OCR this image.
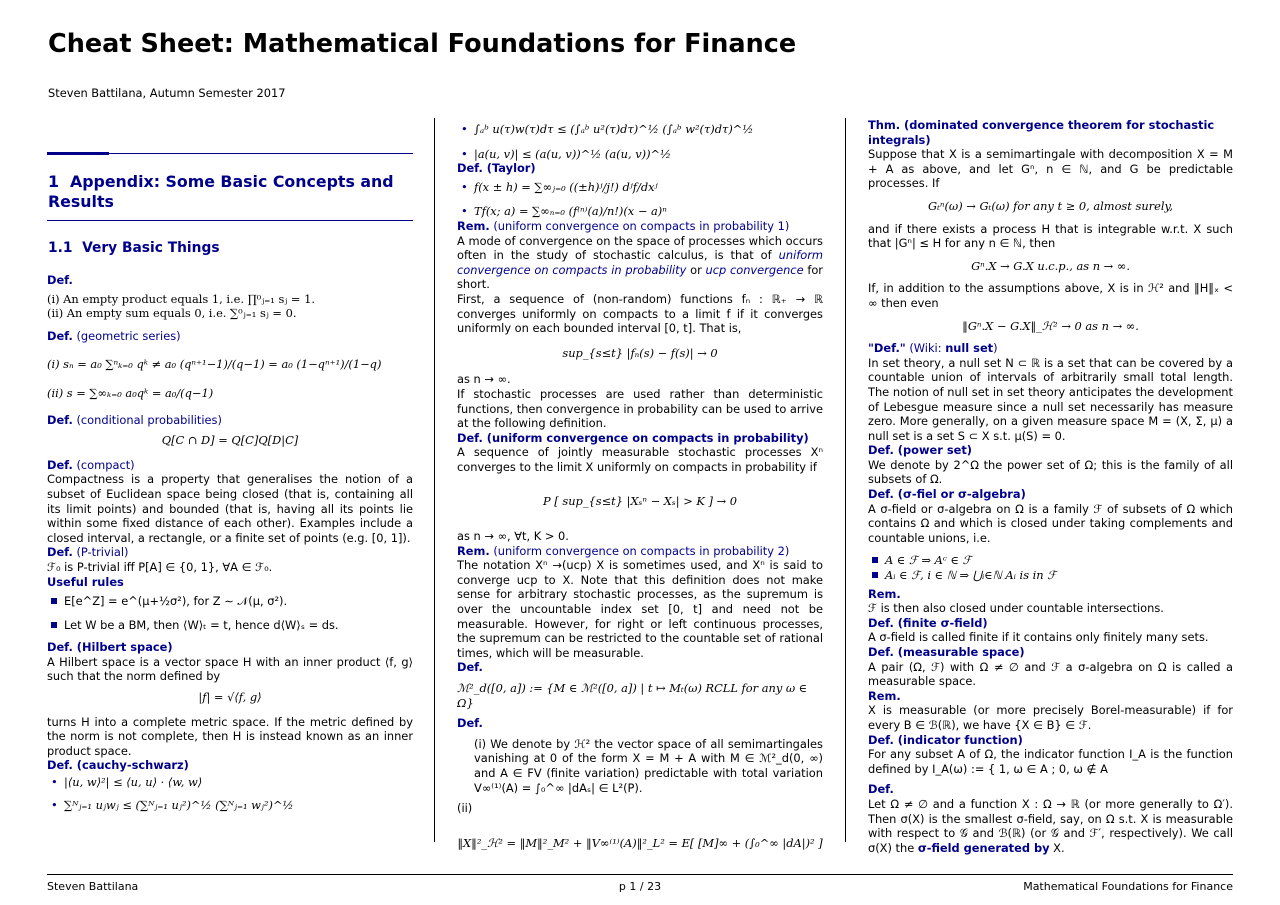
Cheat Sheet: Mathematical Foundations for Finance
Steven Battilana, Autumn Semester 2017
1 Appendix: Some Basic Concepts and Results
1.1 Very Basic Things

Def.

(i) An empty product equals 1, i.e. ∏⁰ⱼ₌₁ sⱼ = 1.

(ii) An empty sum equals 0, i.e. ∑⁰ⱼ₌₁ sⱼ = 0.

Def. (geometric series)

(i) sₙ = a₀ ∑ⁿₖ₌₀ qᵏ ≠ a₀ (qⁿ⁺¹−1)/(q−1) = a₀ (1−qⁿ⁺¹)/(1−q)

(ii) s = ∑∞ₖ₌₀ a₀qᵏ = a₀/(q−1)

Def. (conditional probabilities)

Q[C ∩ D] = Q[C]Q[D|C]

Def. (compact)

Compactness is a property that generalises the notion of a subset of Euclidean space being closed (that is, containing all its limit points) and bounded (that is, having all its points lie within some fixed distance of each other). Examples include a closed interval, a rectangle, or a finite set of points (e.g. [0, 1]).

Def. (P-trivial)

ℱ₀ is P-trivial iff P[A] ∈ {0, 1}, ∀A ∈ ℱ₀.

Useful rules

E[e^Z] = e^(μ+½σ²), for Z ∼ 𝒩(μ, σ²).

Let W be a BM, then ⟨W⟩ₜ = t, hence d⟨W⟩ₛ = ds.

Def. (Hilbert space)

A Hilbert space is a vector space H with an inner product ⟨f, g⟩such that the norm defined by

|f| = √⟨f, g⟩

turns H into a complete metric space. If the metric defined by the norm is not complete, then H is instead known as an inner product space.

Def. (cauchy-schwarz)

• |⟨u, w⟩²| ≤ ⟨u, u⟩ · ⟨w, w⟩

• ∑ᴺⱼ₌₁ uⱼwⱼ ≤ (∑ᴺⱼ₌₁ uⱼ²)^½ (∑ᴺⱼ₌₁ wⱼ²)^½

• ∫ₐᵇ u(τ)w(τ)dτ ≤ (∫ₐᵇ u²(τ)dτ)^½ (∫ₐᵇ w²(τ)dτ)^½

• |a(u, v)| ≤ (a(u, v))^½ (a(u, v))^½

Def. (Taylor)

• f(x ± h) = ∑∞ⱼ₌₀ ((±h)ʲ/j!) dʲf/dxʲ

• Tf(x; a) = ∑∞ₙ₌₀ (f⁽ⁿ⁾(a)/n!)(x − a)ⁿ

Rem. (uniform convergence on compacts in probability 1)

A mode of convergence on the space of processes which occurs often in the study of stochastic calculus, is that of uniform convergence on compacts in probability or ucp convergence for short.

First, a sequence of (non-random) functions fₙ : ℝ₊ → ℝ converges uniformly on compacts to a limit f if it converges uniformly on each bounded interval [0, t]. That is,

sup_{s≤t} |fₙ(s) − f(s)| → 0

as n → ∞.

If stochastic processes are used rather than deterministic functions, then convergence in probability can be used to arrive at the following definition.

Def. (uniform convergence on compacts in probability)

A sequence of jointly measurable stochastic processes Xⁿ converges to the limit X uniformly on compacts in probability if

P [ sup_{s≤t} |Xₛⁿ − Xₛ| > K ] → 0

as n → ∞, ∀t, K > 0.

Rem. (uniform convergence on compacts in probability 2)

The notation Xⁿ →(ucp) X is sometimes used, and Xⁿ is said to converge ucp to X. Note that this definition does not make sense for arbitrary stochastic processes, as the supremum is over the uncountable index set [0, t] and need not be measurable. However, for right or left continuous processes, the supremum can be restricted to the countable set of rational times, which will be measurable.

Def.

ℳ²_d([0, a]) := {M ∈ ℳ²([0, a]) | t ↦ Mₜ(ω) RCLL for any ω ∈ Ω}

Def.

(i) We denote by ℋ² the vector space of all semimartingales vanishing at 0 of the form X = M + A with M ∈ ℳ²_d(0, ∞) and A ∈ FV (finite variation) predictable with total variation V∞⁽¹⁾(A) = ∫₀^∞ |dAₛ| ∈ L²(P).

(ii)

‖X‖²_ℋ² = ‖M‖²_M² + ‖V∞⁽¹⁾(A)‖²_L² = E[ [M]∞ + (∫₀^∞ |dA|)² ]

Thm. (dominated convergence theorem for stochastic integrals)

Suppose that X is a semimartingale with decomposition X = M + A as above, and let Gⁿ, n ∈ ℕ, and G be predictable processes. If

Gₜⁿ(ω) → Gₜ(ω) for any t ≥ 0, almost surely,

and if there exists a process H that is integrable w.r.t. X such that |Gⁿ| ≤ H for any n ∈ ℕ, then

Gⁿ.X → G.X u.c.p., as n → ∞.

If, in addition to the assumptions above, X is in ℋ² and ‖H‖ₓ < ∞ then even

‖Gⁿ.X − G.X‖_ℋ² → 0 as n → ∞.

"Def." (Wiki: null set)

In set theory, a null set N ⊂ ℝ is a set that can be covered by a countable union of intervals of arbitrarily small total length. The notion of null set in set theory anticipates the development of Lebesgue measure since a null set necessarily has measure zero. More generally, on a given measure space M = (X, Σ, μ) a null set is a set S ⊂ X s.t. μ(S) = 0.

Def. (power set)

We denote by 2^Ω the power set of Ω; this is the family of all subsets of Ω.

Def. (σ-fiel or σ-algebra)

A σ-field or σ-algebra on Ω is a family ℱ of subsets of Ω which contains Ω and which is closed under taking complements and countable unions, i.e.

A ∈ ℱ ⇒ Aᶜ ∈ ℱ

Aᵢ ∈ ℱ, i ∈ ℕ ⇒ ⋃ᵢ∈ℕ Aᵢ is in ℱ

Rem.

ℱ is then also closed under countable intersections.

Def. (finite σ-field)

A σ-field is called finite if it contains only finitely many sets.

Def. (measurable space)

A pair (Ω, ℱ) with Ω ≠ ∅ and ℱ a σ-algebra on Ω is called a measurable space.

Rem.

X is measurable (or more precisely Borel-measurable) if for every B ∈ ℬ(ℝ), we have {X ∈ B} ∈ ℱ.

Def. (indicator function)

For any subset A of Ω, the indicator function I_A is the function defined by I_A(ω) := { 1, ω ∈ A ; 0, ω ∉ A

Def.

Let Ω ≠ ∅ and a function X : Ω → ℝ (or more generally to Ω′). Then σ(X) is the smallest σ-field, say, on Ω s.t. X is measurable with respect to 𝒢 and ℬ(ℝ) (or 𝒢 and ℱ′, respectively). We call σ(X) the σ-field generated by X.

Steven Battilana	p 1 / 23	Mathematical Foundations for Finance
